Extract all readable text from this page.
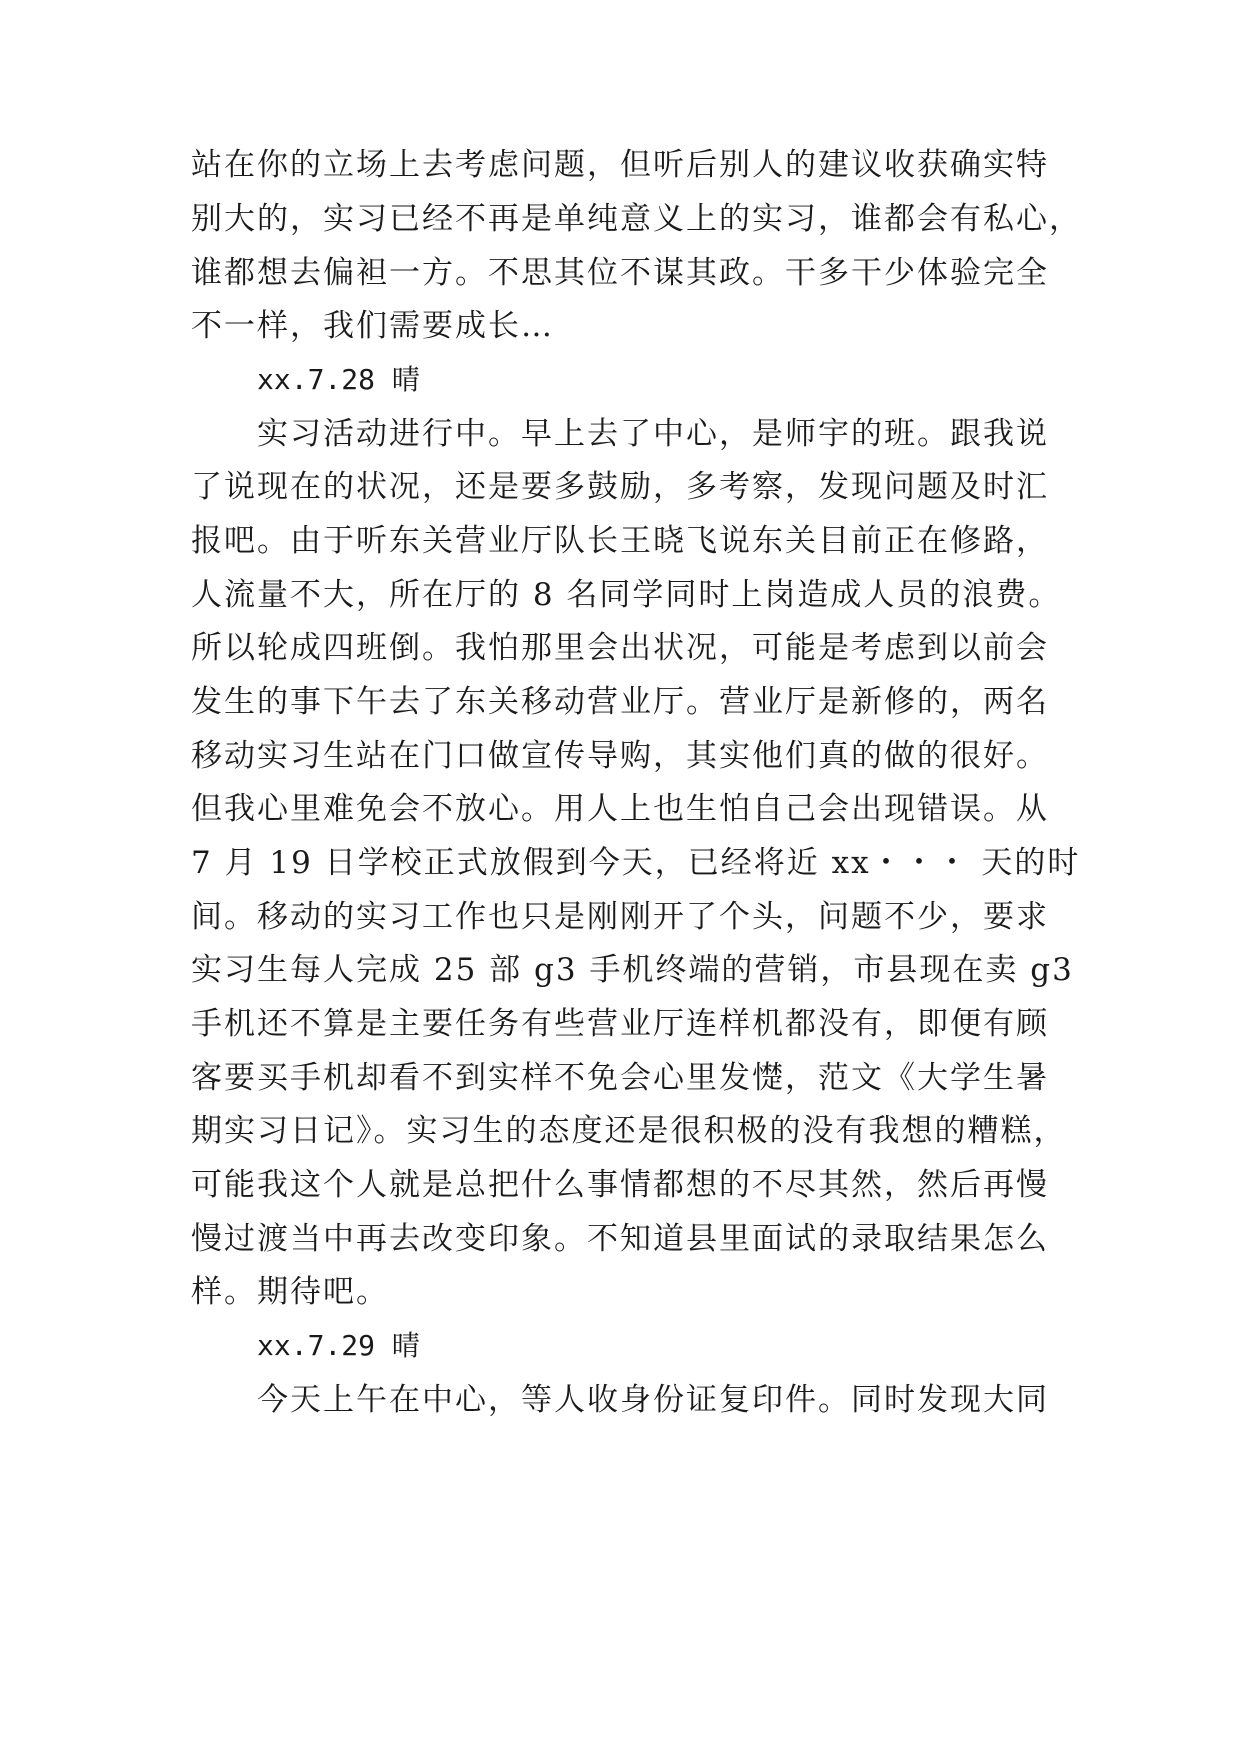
站在你的立场上去考虑问题，但听后别人的建议收获确实特
别大的，实习已经不再是单纯意义上的实习，谁都会有私心，
谁都想去偏袒一方。不思其位不谋其政。干多干少体验完全
不一样，我们需要成长…
xx.7.28 晴
实习活动进行中。早上去了中心，是师宇的班。跟我说
了说现在的状况，还是要多鼓励，多考察，发现问题及时汇
报吧。由于听东关营业厅队长王晓飞说东关目前正在修路，
人流量不大，所在厅的 8 名同学同时上岗造成人员的浪费。
所以轮成四班倒。我怕那里会出状况，可能是考虑到以前会
发生的事下午去了东关移动营业厅。营业厅是新修的，两名
移动实习生站在门口做宣传导购，其实他们真的做的很好。
但我心里难免会不放心。用人上也生怕自己会出现错误。从
7 月 19 日学校正式放假到今天，已经将近 xx・・・ 天的时
间。移动的实习工作也只是刚刚开了个头，问题不少，要求
实习生每人完成 25 部 g3 手机终端的营销，市县现在卖 g3
手机还不算是主要任务有些营业厅连样机都没有，即便有顾
客要买手机却看不到实样不免会心里发憷，范文《大学生暑
期实习日记》。实习生的态度还是很积极的没有我想的糟糕，
可能我这个人就是总把什么事情都想的不尽其然，然后再慢
慢过渡当中再去改变印象。不知道县里面试的录取结果怎么
样。期待吧。
xx.7.29 晴
今天上午在中心，等人收身份证复印件。同时发现大同
